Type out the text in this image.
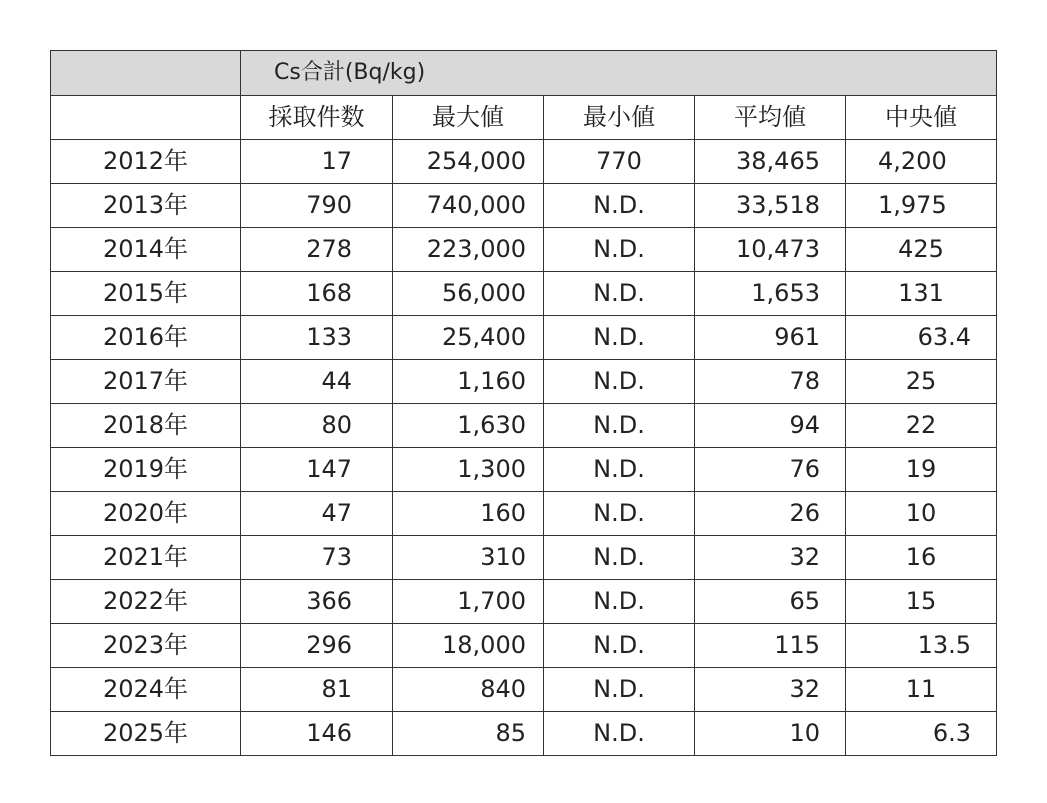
	Cs合計(Bq/kg)				
	採取件数	最大値	最小値	平均値	中央値
2012年	17	254,000	770	38,465	4,200
2013年	790	740,000	N.D.	33,518	1,975
2014年	278	223,000	N.D.	10,473	425
2015年	168	56,000	N.D.	1,653	131
2016年	133	25,400	N.D.	961	63.4
2017年	44	1,160	N.D.	78	25
2018年	80	1,630	N.D.	94	22
2019年	147	1,300	N.D.	76	19
2020年	47	160	N.D.	26	10
2021年	73	310	N.D.	32	16
2022年	366	1,700	N.D.	65	15
2023年	296	18,000	N.D.	115	13.5
2024年	81	840	N.D.	32	11
2025年	146	85	N.D.	10	6.3
